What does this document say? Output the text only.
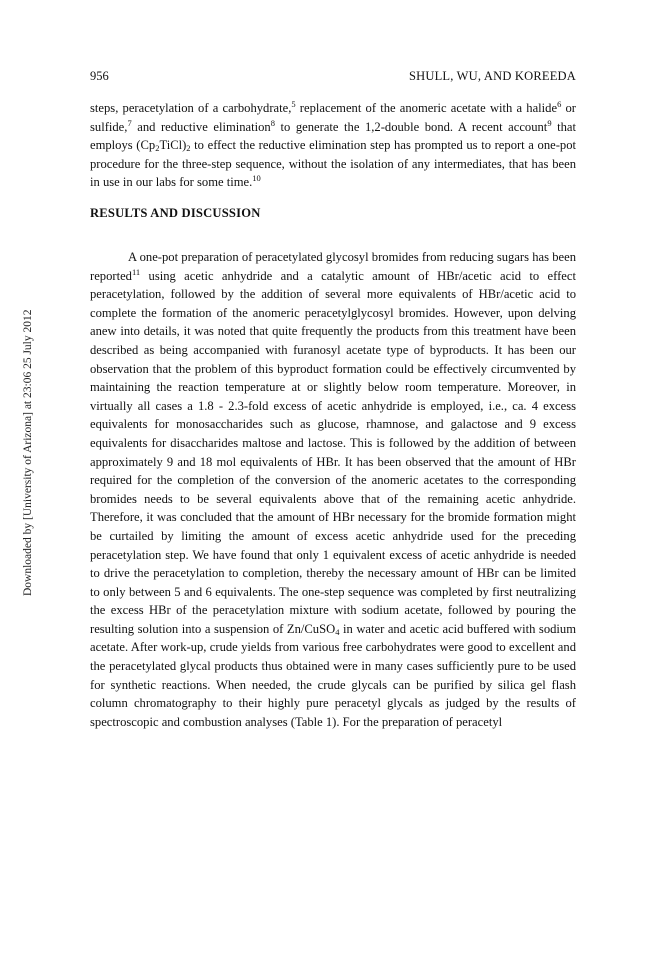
956	SHULL, WU, AND KOREEDA

steps, peracetylation of a carbohydrate,$^5$ replacement of the anomeric acetate with a halide$^6$ or sulfide,$^7$ and reductive elimination$^8$ to generate the 1,2-double bond. A recent account$^9$ that employs $(Cp_2TiCl)_2$ to effect the reductive elimination step has prompted us to report a one-pot procedure for the three-step sequence, without the isolation of any intermediates, that has been in use in our labs for some time.$^{10}$

RESULTS AND DISCUSSION

A one-pot preparation of peracetylated glycosyl bromides from reducing sugars has been reported$^{11}$ using acetic anhydride and a catalytic amount of HBr/acetic acid to effect peracetylation, followed by the addition of several more equivalents of HBr/acetic acid to complete the formation of the anomeric peracetylglycosyl bromides. However, upon delving anew into details, it was noted that quite frequently the products from this treatment have been described as being accompanied with furanosyl acetate type of byproducts. It has been our observation that the problem of this byproduct formation could be effectively circumvented by maintaining the reaction temperature at or slightly below room temperature. Moreover, in virtually all cases a 1.8 - 2.3-fold excess of acetic anhydride is employed, i.e., ca. 4 excess equivalents for monosaccharides such as glucose, rhamnose, and galactose and 9 excess equivalents for disaccharides maltose and lactose. This is followed by the addition of between approximately 9 and 18 mol equivalents of HBr. It has been observed that the amount of HBr required for the completion of the conversion of the anomeric acetates to the corresponding bromides needs to be several equivalents above that of the remaining acetic anhydride. Therefore, it was concluded that the amount of HBr necessary for the bromide formation might be curtailed by limiting the amount of excess acetic anhydride used for the preceding peracetylation step. We have found that only 1 equivalent excess of acetic anhydride is needed to drive the peracetylation to completion, thereby the necessary amount of HBr can be limited to only between 5 and 6 equivalents. The one-step sequence was completed by first neutralizing the excess HBr of the peracetylation mixture with sodium acetate, followed by pouring the resulting solution into a suspension of Zn/CuSO$_4$ in water and acetic acid buffered with sodium acetate. After work-up, crude yields from various free carbohydrates were good to excellent and the peracetylated glycal products thus obtained were in many cases sufficiently pure to be used for synthetic reactions. When needed, the crude glycals can be purified by silica gel flash column chromatography to their highly pure peracetyl glycals as judged by the results of spectroscopic and combustion analyses (Table 1). For the preparation of peracetyl

Downloaded by [University of Arizona] at 23:06 25 July 2012
